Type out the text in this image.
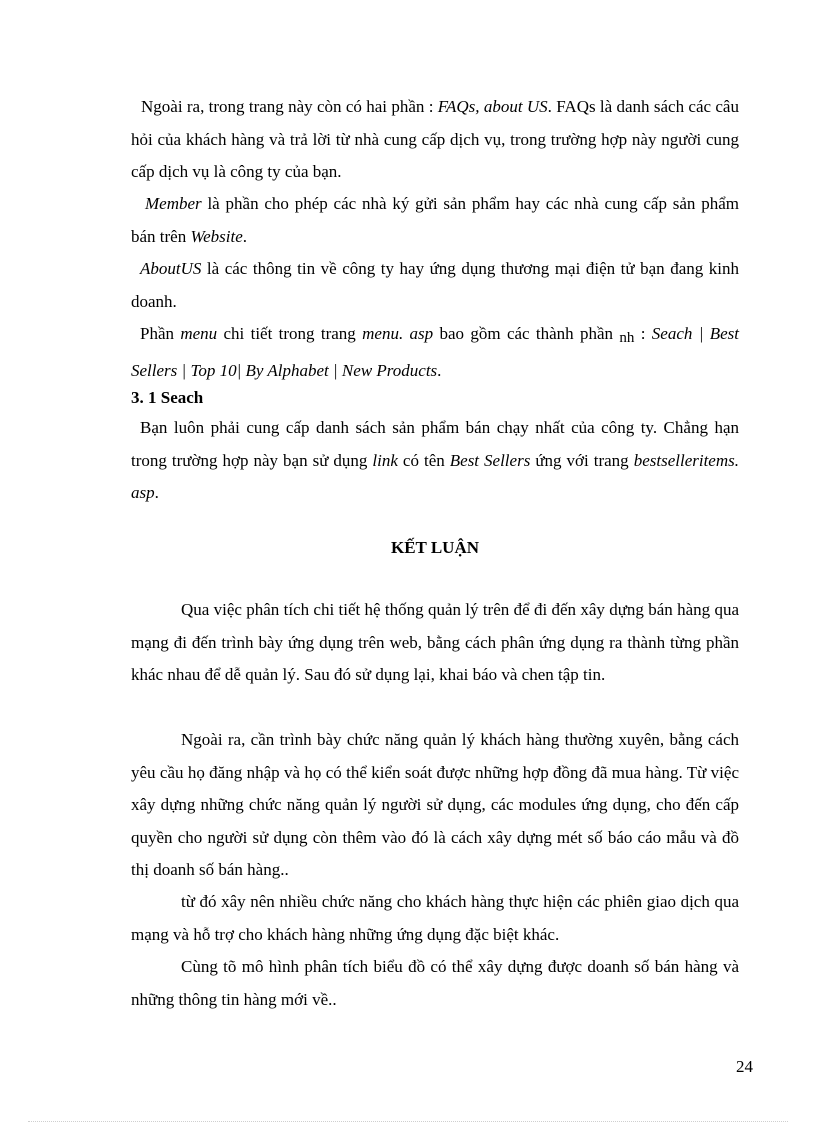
Ngoài ra, trong trang này còn có hai phần : FAQs, about US. FAQs là danh sách các câu hỏi của khách hàng và trả lời từ nhà cung cấp dịch vụ, trong trường hợp này người cung cấp dịch vụ là công ty của bạn.

Member là phần cho phép các nhà ký gửi sản phẩm hay các nhà cung cấp sản phẩm bán trên Website.

AboutUS là các thông tin về công ty hay ứng dụng thương mại điện tử bạn đang kinh doanh.

Phần menu chi tiết trong trang menu. asp bao gồm các thành phần nh : Seach | Best Sellers | Top 10| By Alphabet | New Products.

3. 1 Seach

Bạn luôn phải cung cấp danh sách sản phẩm bán chạy nhất của công ty. Chẳng hạn trong trường hợp này bạn sử dụng link có tên Best Sellers ứng với trang bestselleritems. asp.

KẾT LUẬN

Qua việc phân tích chi tiết hệ thống quản lý trên để đi đến xây dựng bán hàng qua mạng đi đến trình bày ứng dụng trên web, bằng cách phân ứng dụng ra thành từng phần khác nhau để dễ quản lý. Sau đó sử dụng lại, khai báo và chen tập tin.

Ngoài ra, cần trình bày chức năng quản lý khách hàng thường xuyên, bằng cách yêu cầu họ đăng nhập và họ có thể kiển soát được những hợp đồng đã mua hàng. Từ việc xây dựng những chức năng quản lý người sử dụng, các modules ứng dụng, cho đến cấp quyền cho người sử dụng còn thêm vào đó là cách xây dựng mét số báo cáo mẫu và đồ thị doanh số bán hàng..

từ đó xây nên nhiều chức năng cho khách hàng thực hiện các phiên giao dịch qua mạng và hỗ trợ cho khách hàng những ứng dụng đặc biệt khác.

Cùng tõ mô hình phân tích biểu đồ có thể xây dựng được doanh số bán hàng và những thông tin hàng mới về..

24
